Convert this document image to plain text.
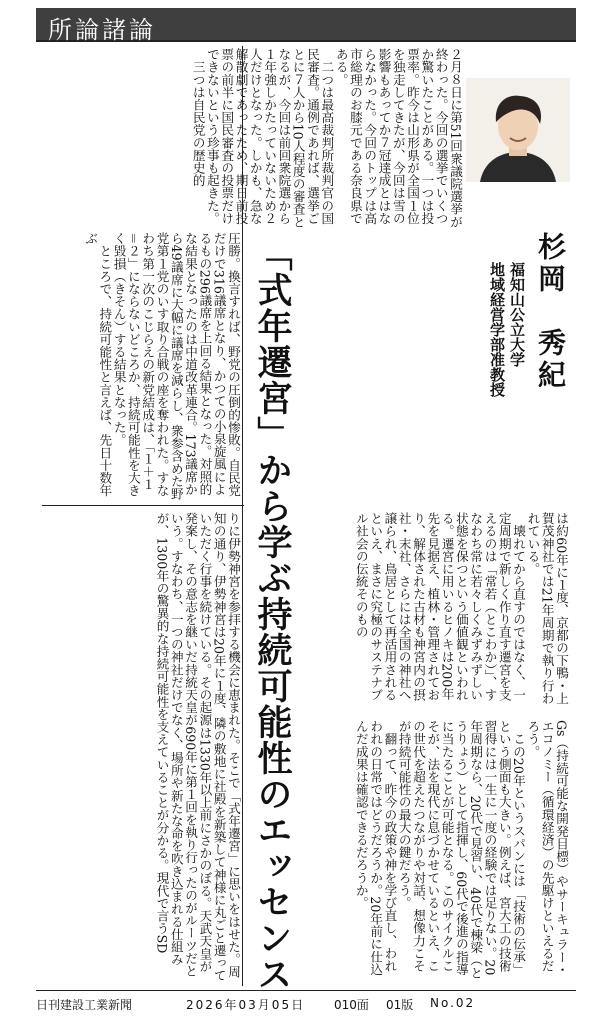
所論諸論
杉岡　秀紀
福知山公立大学
地域経営学部准教授
２月８日に第51回衆議院選挙が終わった。今回の選挙でいくつか驚いたことがある。一つは投票率。昨今は山形県が全国１位を独走してきたが、今回は雪の影響もあってか７冠達成とはならなかった。今回のトップは高市総理のお膝元である奈良県である。
　二つは最高裁判所裁判官の国民審査。通例であれば、選挙ごとに７人から10人程度の審査となるが、今回は前回衆院選から１年強しかたっていないため２人だけとなった。しかも、急な解散劇であったため、期日前投票の前半に国民審査の投票だけできないという珍事も起きた。
　三つは自民党の歴史的
圧勝。換言すれば、野党の圧倒的惨敗。自民党だけで316議席となり、かつての小泉旋風によるもの296議席を上回る結果となった。対照的な結果となったのは中道改革連合。173議席から49議席に大幅に議席を減らし、衆参含めた野党第１党のいす取り合戦の座を奪われた。すなわち第一次のこじらえの新党結成は、「１＋１＝２」にならないどころか、持続可能性を大きく毀損（きそん）する結果となった。
　ところで、持続可能性と言えば、先日十数年ぶ	「式年遷宮」から学ぶ持続可能性のエッセンス
りに伊勢神宮を参拝する機会に恵まれた。そこで「式年遷宮」に思いをはせた。周知の通り、伊勢神宮は20年に１度、隣の敷地に社殿を新築して神様に丸ごと遷っていただく行事を続けている。その起源は1330年以上前にさかのぼる。天武天皇が発案し、その意志を継いだ持統天皇が690年に第１回を執り行ったのがルーツだという。すなわち、一つの神社だけでなく、場所や新たな命を吹き込まれる仕組みが、1300年の驚異的な持続可能性を支えていることが分かる。現代で言うSD	は約60年に１度、京都の下鴨・上賀茂神社では21年周期で執り行われている。
　壊れてから直すのではなく、一定周期で新しく作り直す遷宮を支えるのは「常若（とこわか）」、すなわち常に若々しくみずみずしい状態を保つという価値観といわれる。遷宮に用いるヒノキは200年先を見据え、植林・管理されており、解体された古材も神宮内の摂社・末社、さらには全国の神社へ譲られ、鳥居として再活用されるといえ、まさに究極のサステナブル社会の伝統そのもの
Gs（持続可能な開発目標）やサーキュラー・エコノミー（循環経済）の先駆けといえるだろう。
　この20年というスパンには「技術の伝承」という側面も大きい。例えば、宮大工の技術習得には一生に一度の経験では足りない。20年周期なら、20代で見習い、40代で棟梁（とうりょう）として指揮し、60代で後進の指導に当たることが可能となる。このサイクルこそが、法を現代に息づかせているといえ、この世代を超えたつながりや対話、想像力こそが持続可能性の最大の鍵だろう。
　翻って、昨今の政策や神を学び直し、われわれの日常ではどうだろうか。20年前に仕込んだ成果は確認できるだろうか。
日刊建設工業新聞	2026年03月05日 010面 01版 No.02
